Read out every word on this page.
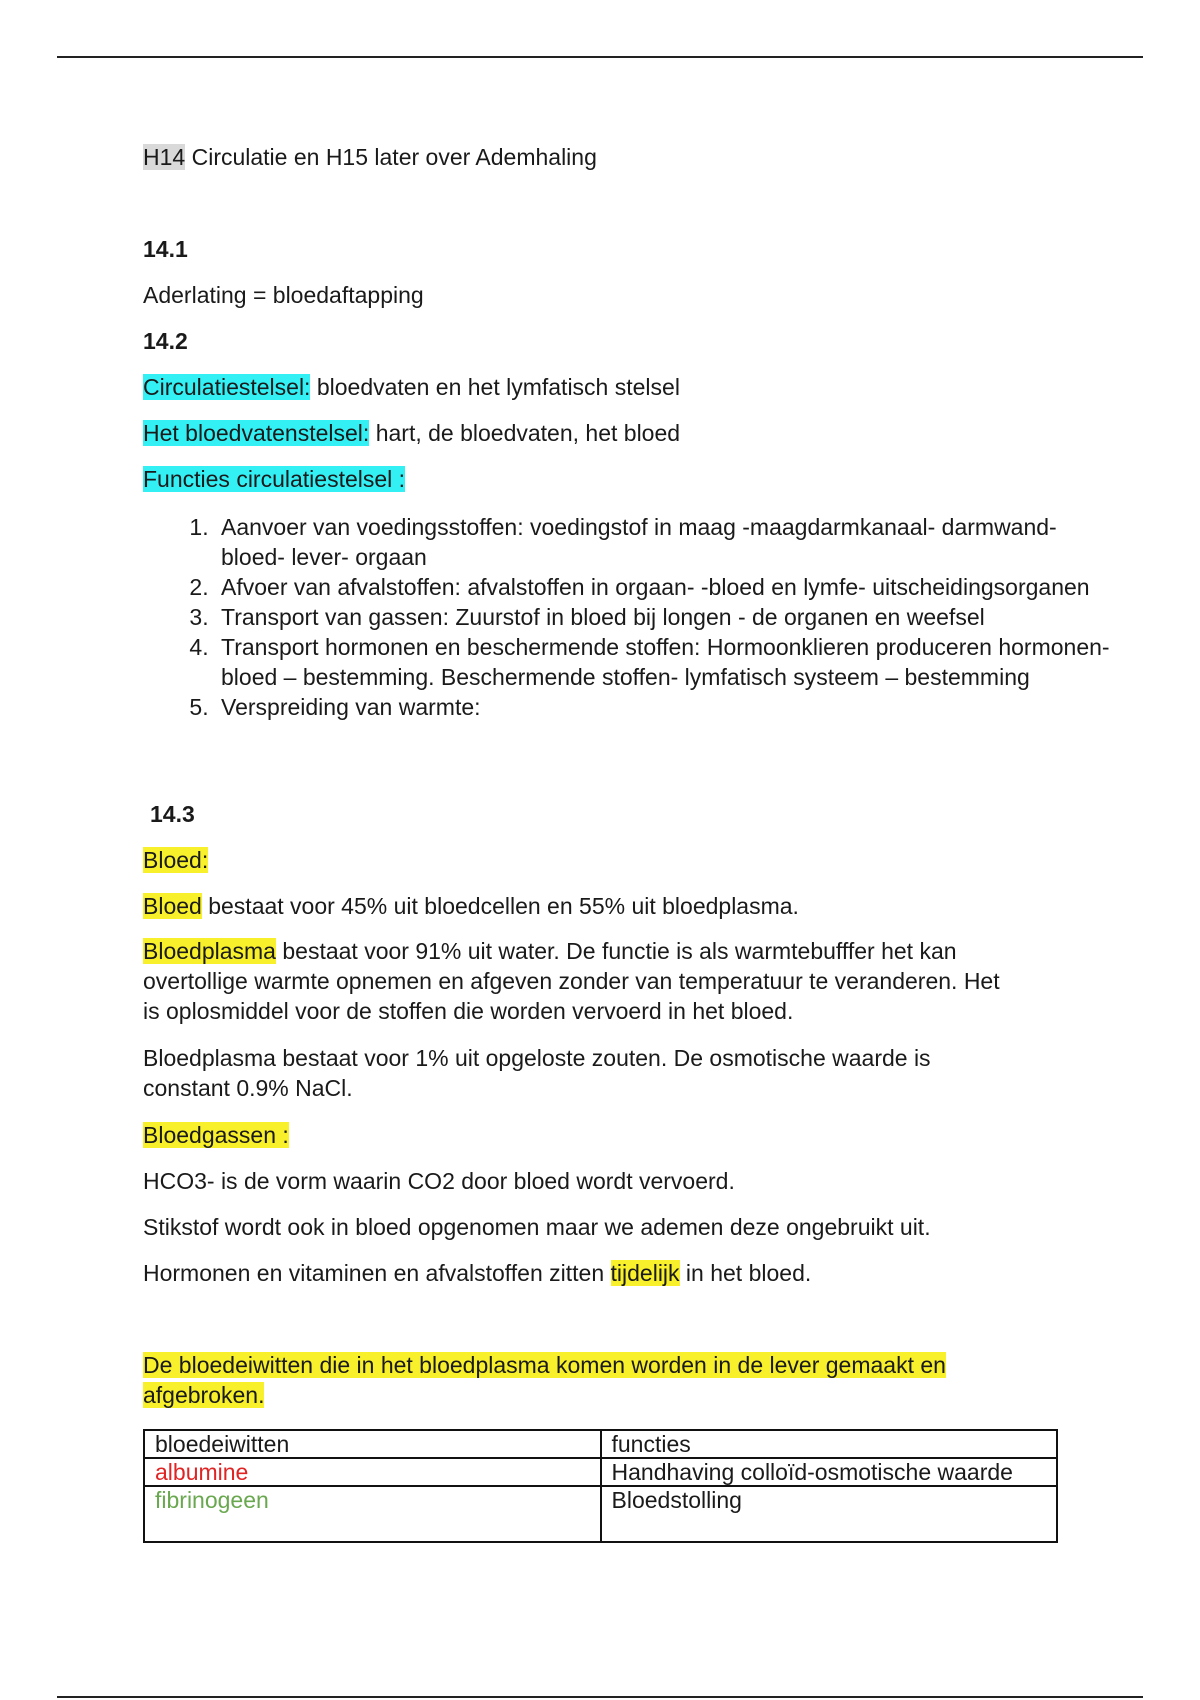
H14 Circulatie en H15 later over Ademhaling
14.1
Aderlating = bloedaftapping
14.2
Circulatiestelsel: bloedvaten en het lymfatisch stelsel
Het bloedvatenstelsel: hart, de bloedvaten, het bloed
Functies circulatiestelsel :
1. Aanvoer van voedingsstoffen: voedingstof in maag -maagdarmkanaal- darmwand- bloed- lever- orgaan
2. Afvoer van afvalstoffen: afvalstoffen in orgaan- -bloed en lymfe- uitscheidingsorganen
3. Transport van gassen: Zuurstof in bloed bij longen - de organen en weefsel
4. Transport hormonen en beschermende stoffen: Hormoonklieren produceren hormonen- bloed – bestemming. Beschermende stoffen- lymfatisch systeem – bestemming
5. Verspreiding van warmte:
14.3
Bloed:
Bloed bestaat voor 45% uit bloedcellen en 55% uit bloedplasma.
Bloedplasma bestaat voor 91% uit water. De functie is als warmtebufffer het kan
overtollige warmte opnemen en afgeven zonder van temperatuur te veranderen. Het
is oplosmiddel voor de stoffen die worden vervoerd in het bloed.
Bloedplasma bestaat voor 1% uit opgeloste zouten. De osmotische waarde is
constant 0.9% NaCl.
Bloedgassen :
HCO3- is de vorm waarin CO2 door bloed wordt vervoerd.
Stikstof wordt ook in bloed opgenomen maar we ademen deze ongebruikt uit.
Hormonen en vitaminen en afvalstoffen zitten tijdelijk in het bloed.
De bloedeiwitten die in het bloedplasma komen worden in de lever gemaakt en
afgebroken.
bloedeiwitten	functies
albumine	Handhaving colloïd-osmotische waarde
fibrinogeen	Bloedstolling
